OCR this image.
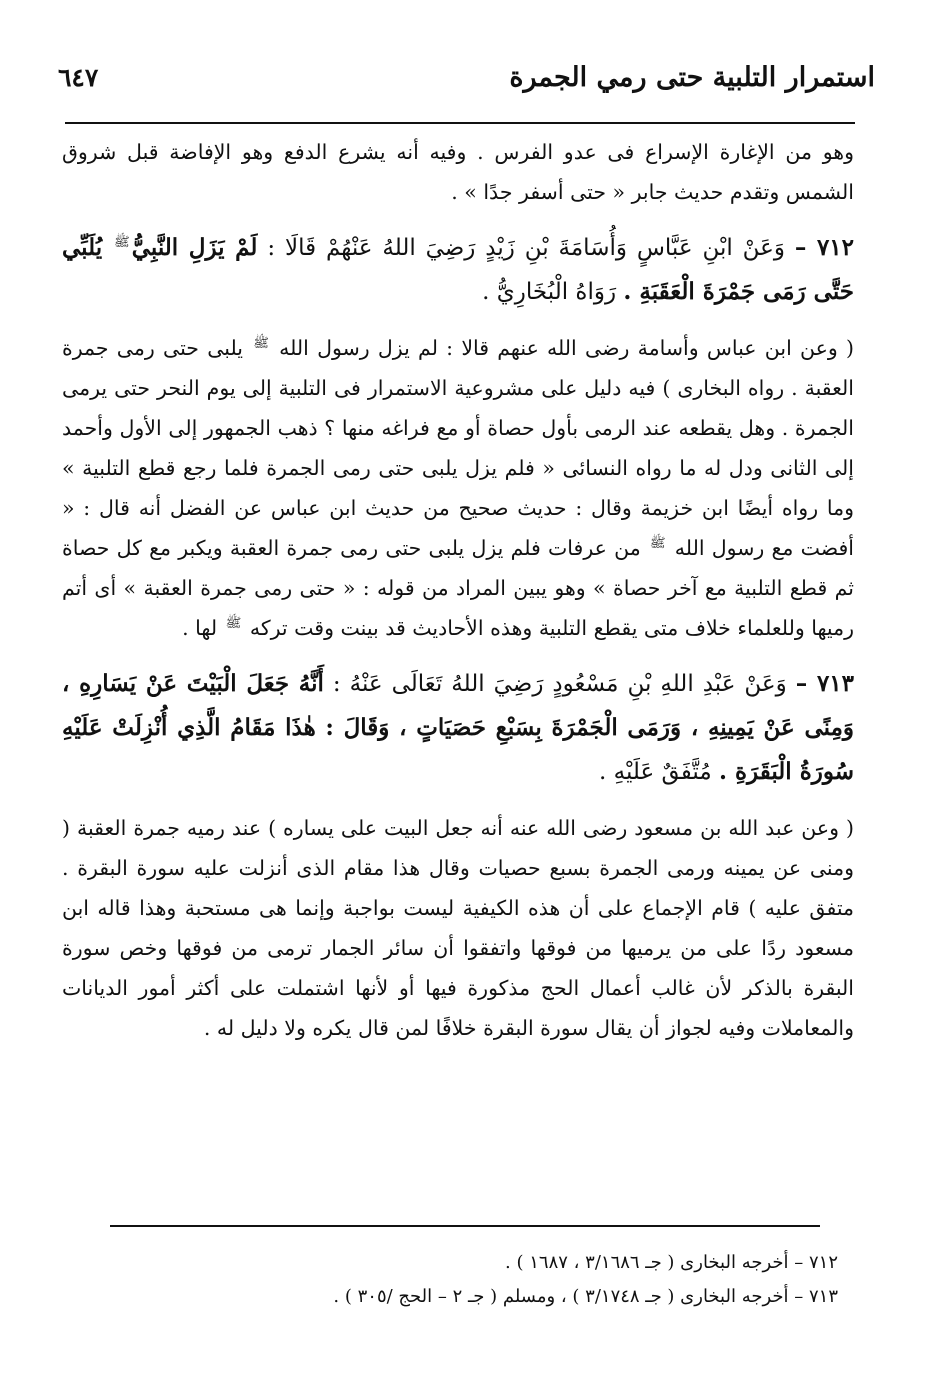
استمرار التلبية حتى رمي الجمرة
٦٤٧

وهو من الإغارة الإسراع فى عدو الفرس . وفيه أنه يشرع الدفع وهو الإفاضة قبل شروق الشمس وتقدم حديث جابر « حتى أسفر جدًا » .

٧١٢ – وَعَنْ ابْنِ عَبَّاسٍ وَأُسَامَةَ بْنِ زَيْدٍ رَضِيَ اللهُ عَنْهُمْ قَالَا : لَمْ يَزَلِ النَّبِيُّﷺ يُلَبِّي حَتَّى رَمَى جَمْرَةَ الْعَقَبَةِ . رَوَاهُ الْبُخَارِيُّ .

( وعن ابن عباس وأسامة رضى الله عنهم قالا : لم يزل رسول الله ﷺ يلبى حتى رمى جمرة العقبة . رواه البخارى ) فيه دليل على مشروعية الاستمرار فى التلبية إلى يوم النحر حتى يرمى الجمرة . وهل يقطعه عند الرمى بأول حصاة أو مع فراغه منها ؟ ذهب الجمهور إلى الأول وأحمد إلى الثانى ودل له ما رواه النسائى « فلم يزل يلبى حتى رمى الجمرة فلما رجع قطع التلبية » وما رواه أيضًا ابن خزيمة وقال : حديث صحيح من حديث ابن عباس عن الفضل أنه قال : « أفضت مع رسول الله ﷺ من عرفات فلم يزل يلبى حتى رمى جمرة العقبة ويكبر مع كل حصاة ثم قطع التلبية مع آخر حصاة » وهو يبين المراد من قوله : « حتى رمى جمرة العقبة » أى أتم رميها وللعلماء خلاف متى يقطع التلبية وهذه الأحاديث قد بينت وقت تركه ﷺ لها .

٧١٣ – وَعَنْ عَبْدِ اللهِ بْنِ مَسْعُودٍ رَضِيَ اللهُ تَعَالَى عَنْهُ : أَنَّهُ جَعَلَ الْبَيْتَ عَنْ يَسَارِهِ ، وَمِنًى عَنْ يَمِينِهِ ، وَرَمَى الْجَمْرَةَ بِسَبْعِ حَصَيَاتٍ ، وَقَالَ : هٰذَا مَقَامُ الَّذِي أُنْزِلَتْ عَلَيْهِ سُورَةُ الْبَقَرَةِ . مُتَّفَقٌ عَلَيْهِ .

( وعن عبد الله بن مسعود رضى الله عنه أنه جعل البيت على يساره ) عند رميه جمرة العقبة ( ومنى عن يمينه ورمى الجمرة بسبع حصيات وقال هذا مقام الذى أنزلت عليه سورة البقرة . متفق عليه ) قام الإجماع على أن هذه الكيفية ليست بواجبة وإنما هى مستحبة وهذا قاله ابن مسعود ردًا على من يرميها من فوقها واتفقوا أن سائر الجمار ترمى من فوقها وخص سورة البقرة بالذكر لأن غالب أعمال الحج مذكورة فيها أو لأنها اشتملت على أكثر أمور الديانات والمعاملات وفيه لجواز أن يقال سورة البقرة خلافًا لمن قال يكره ولا دليل له .

٧١٢ – أخرجه البخارى ( جـ ٣/١٦٨٦ ، ١٦٨٧ ) .

٧١٣ – أخرجه البخارى ( جـ ٣/١٧٤٨ ) ، ومسلم ( جـ ٢ – الحج /٣٠٥ ) .
